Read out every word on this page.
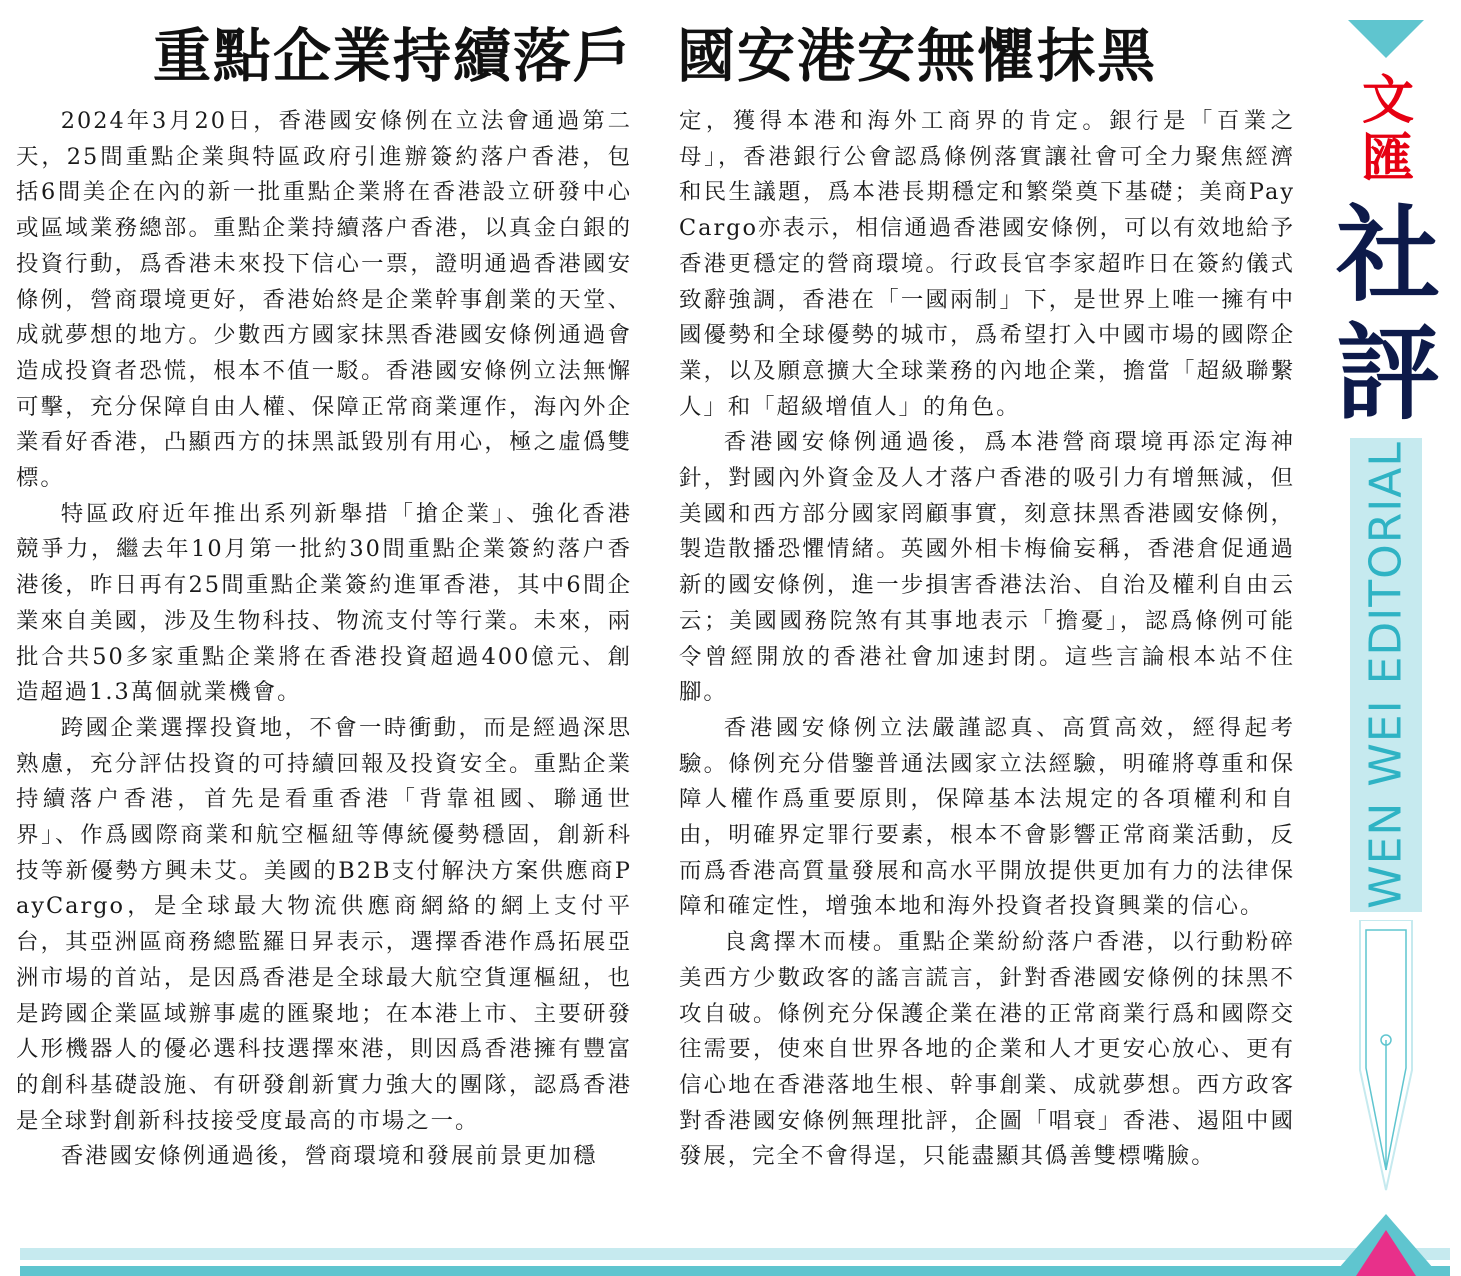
重點企業持續落戶 國安港安無懼抹黑

2024年3月20日，香港國安條例在立法會通過第二天，25間重點企業與特區政府引進辦簽約落户香港，包括6間美企在內的新一批重點企業將在香港設立研發中心或區域業務總部。重點企業持續落户香港，以真金白銀的投資行動，爲香港未來投下信心一票，證明通過香港國安條例，營商環境更好，香港始終是企業幹事創業的天堂、成就夢想的地方。少數西方國家抹黑香港國安條例通過會造成投資者恐慌，根本不值一駁。香港國安條例立法無懈可擊，充分保障自由人權、保障正常商業運作，海內外企業看好香港，凸顯西方的抹黑詆毀別有用心，極之虛僞雙標。

特區政府近年推出系列新舉措「搶企業」、強化香港競爭力，繼去年10月第一批約30間重點企業簽約落户香港後，昨日再有25間重點企業簽約進軍香港，其中6間企業來自美國，涉及生物科技、物流支付等行業。未來，兩批合共50多家重點企業將在香港投資超過400億元、創造超過1.3萬個就業機會。

跨國企業選擇投資地，不會一時衝動，而是經過深思熟慮，充分評估投資的可持續回報及投資安全。重點企業持續落户香港，首先是看重香港「背靠祖國、聯通世界」、作爲國際商業和航空樞紐等傳統優勢穩固，創新科技等新優勢方興未艾。美國的B2B支付解決方案供應商PayCargo，是全球最大物流供應商網絡的網上支付平台，其亞洲區商務總監羅日昇表示，選擇香港作爲拓展亞洲市場的首站，是因爲香港是全球最大航空貨運樞紐，也是跨國企業區域辦事處的匯聚地；在本港上市、主要研發人形機器人的優必選科技選擇來港，則因爲香港擁有豐富的創科基礎設施、有研發創新實力強大的團隊，認爲香港是全球對創新科技接受度最高的市場之一。

香港國安條例通過後，營商環境和發展前景更加穩

定，獲得本港和海外工商界的肯定。銀行是「百業之母」，香港銀行公會認爲條例落實讓社會可全力聚焦經濟和民生議題，爲本港長期穩定和繁榮奠下基礎；美商PayCargo亦表示，相信通過香港國安條例，可以有效地給予香港更穩定的營商環境。行政長官李家超昨日在簽約儀式致辭強調，香港在「一國兩制」下，是世界上唯一擁有中國優勢和全球優勢的城市，爲希望打入中國市場的國際企業，以及願意擴大全球業務的內地企業，擔當「超級聯繫人」和「超級增值人」的角色。

香港國安條例通過後，爲本港營商環境再添定海神針，對國內外資金及人才落户香港的吸引力有增無減，但美國和西方部分國家罔顧事實，刻意抹黑香港國安條例，製造散播恐懼情緒。英國外相卡梅倫妄稱，香港倉促通過新的國安條例，進一步損害香港法治、自治及權利自由云云；美國國務院煞有其事地表示「擔憂」，認爲條例可能令曾經開放的香港社會加速封閉。這些言論根本站不住腳。

香港國安條例立法嚴謹認真、高質高效，經得起考驗。條例充分借鑒普通法國家立法經驗，明確將尊重和保障人權作爲重要原則，保障基本法規定的各項權利和自由，明確界定罪行要素，根本不會影響正常商業活動，反而爲香港高質量發展和高水平開放提供更加有力的法律保障和確定性，增強本地和海外投資者投資興業的信心。

良禽擇木而棲。重點企業紛紛落户香港，以行動粉碎美西方少數政客的謠言謊言，針對香港國安條例的抹黑不攻自破。條例充分保護企業在港的正常商業行爲和國際交往需要，使來自世界各地的企業和人才更安心放心、更有信心地在香港落地生根、幹事創業、成就夢想。西方政客對香港國安條例無理批評，企圖「唱衰」香港、遏阻中國發展，完全不會得逞，只能盡顯其僞善雙標嘴臉。

文匯
社評
WEN WEI EDITORIAL
